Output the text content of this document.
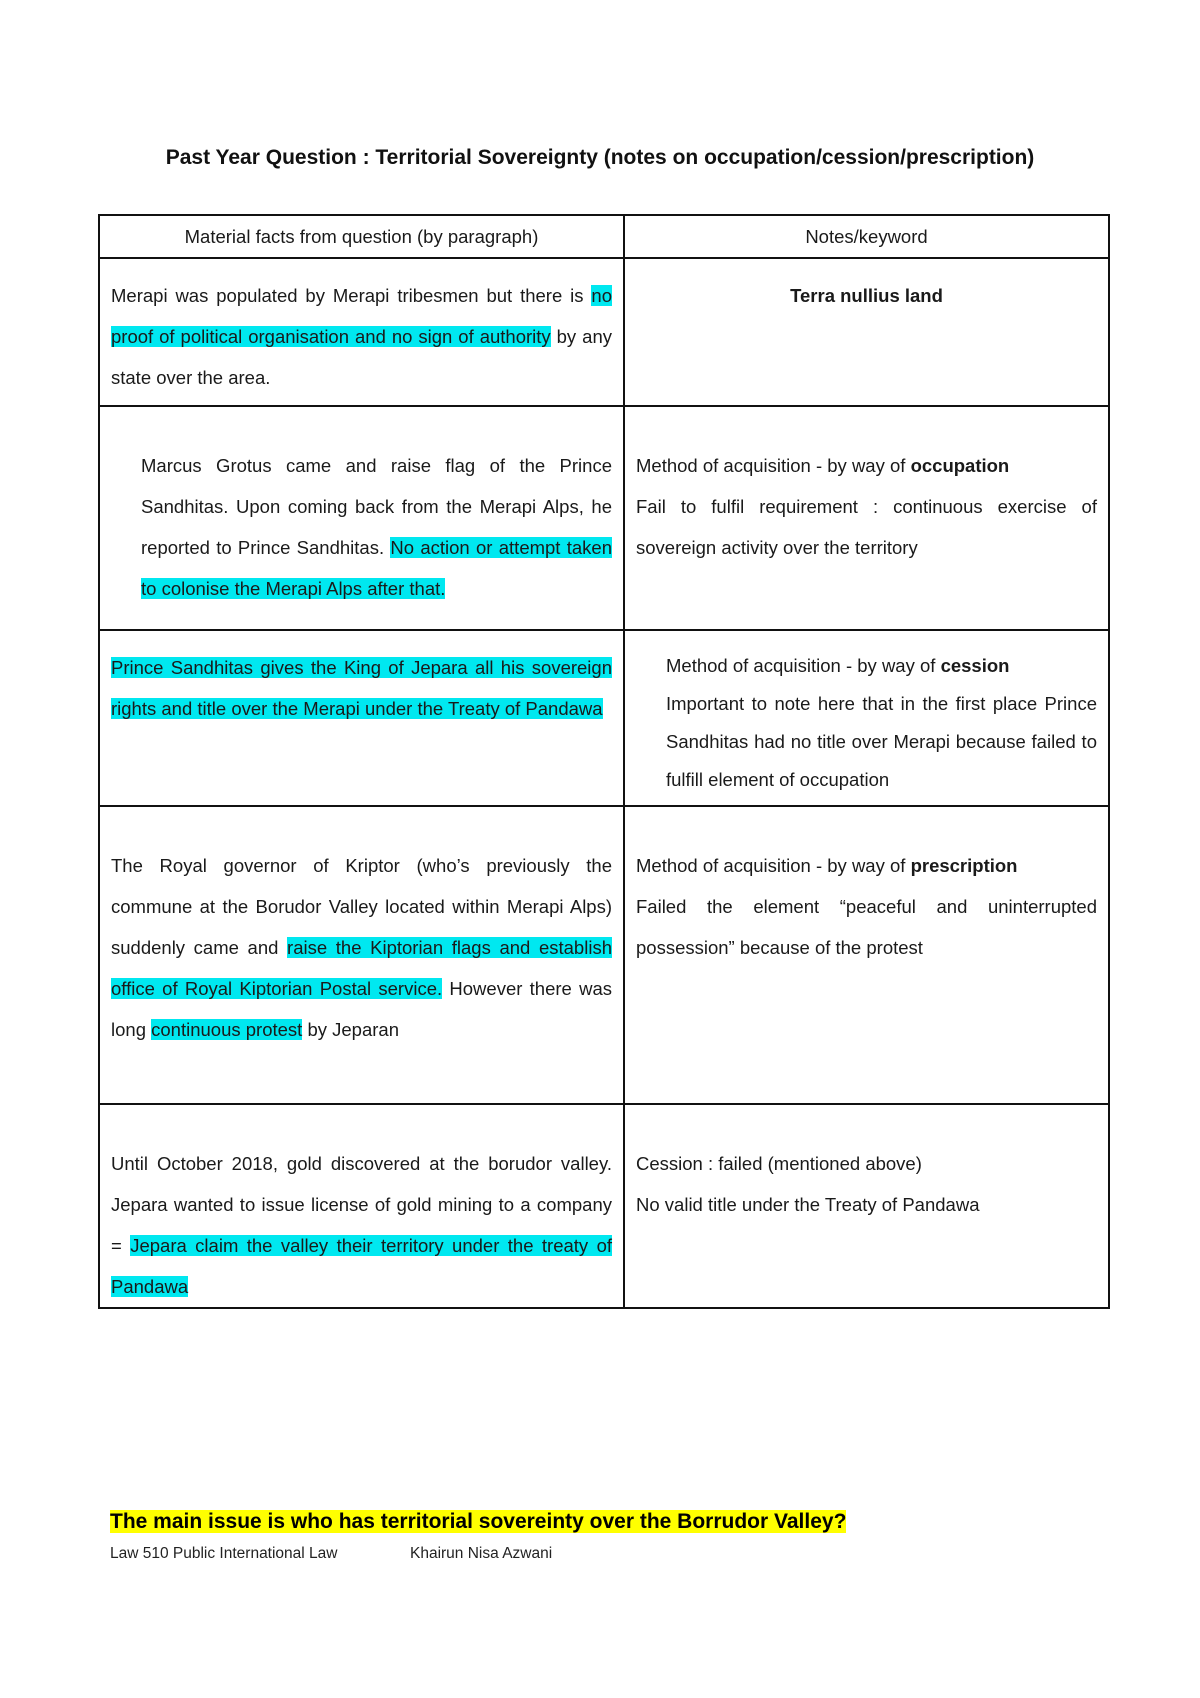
Past Year Question : Territorial Sovereignty (notes on occupation/cession/prescription)
Material facts from question (by paragraph)	Notes/keyword
Merapi was populated by Merapi tribesmen but there is no proof of political organisation and no sign of authority by any state over the area.	Terra nullius land
Marcus Grotus came and raise flag of the Prince Sandhitas. Upon coming back from the Merapi Alps, he reported to Prince Sandhitas. No action or attempt taken to colonise the Merapi Alps after that.	Method of acquisition - by way of occupation
Fail to fulfil requirement : continuous exercise of sovereign activity over the territory
Prince Sandhitas gives the King of Jepara all his sovereign rights and title over the Merapi under the Treaty of Pandawa	Method of acquisition - by way of cession
Important to note here that in the first place Prince Sandhitas had no title over Merapi because failed to fulfill element of occupation
The Royal governor of Kriptor (who’s previously the commune at the Borudor Valley located within Merapi Alps) suddenly came and raise the Kiptorian flags and establish office of Royal Kiptorian Postal service. However there was long continuous protest by Jeparan	Method of acquisition - by way of prescription
Failed the element “peaceful and uninterrupted possession” because of the protest
Until October 2018, gold discovered at the borudor valley. Jepara wanted to issue license of gold mining to a company = Jepara claim the valley their territory under the treaty of Pandawa	Cession : failed (mentioned above)
No valid title under the Treaty of Pandawa
The main issue is who has territorial sovereinty over the Borrudor Valley?
Law 510 Public International Law	Khairun Nisa Azwani
